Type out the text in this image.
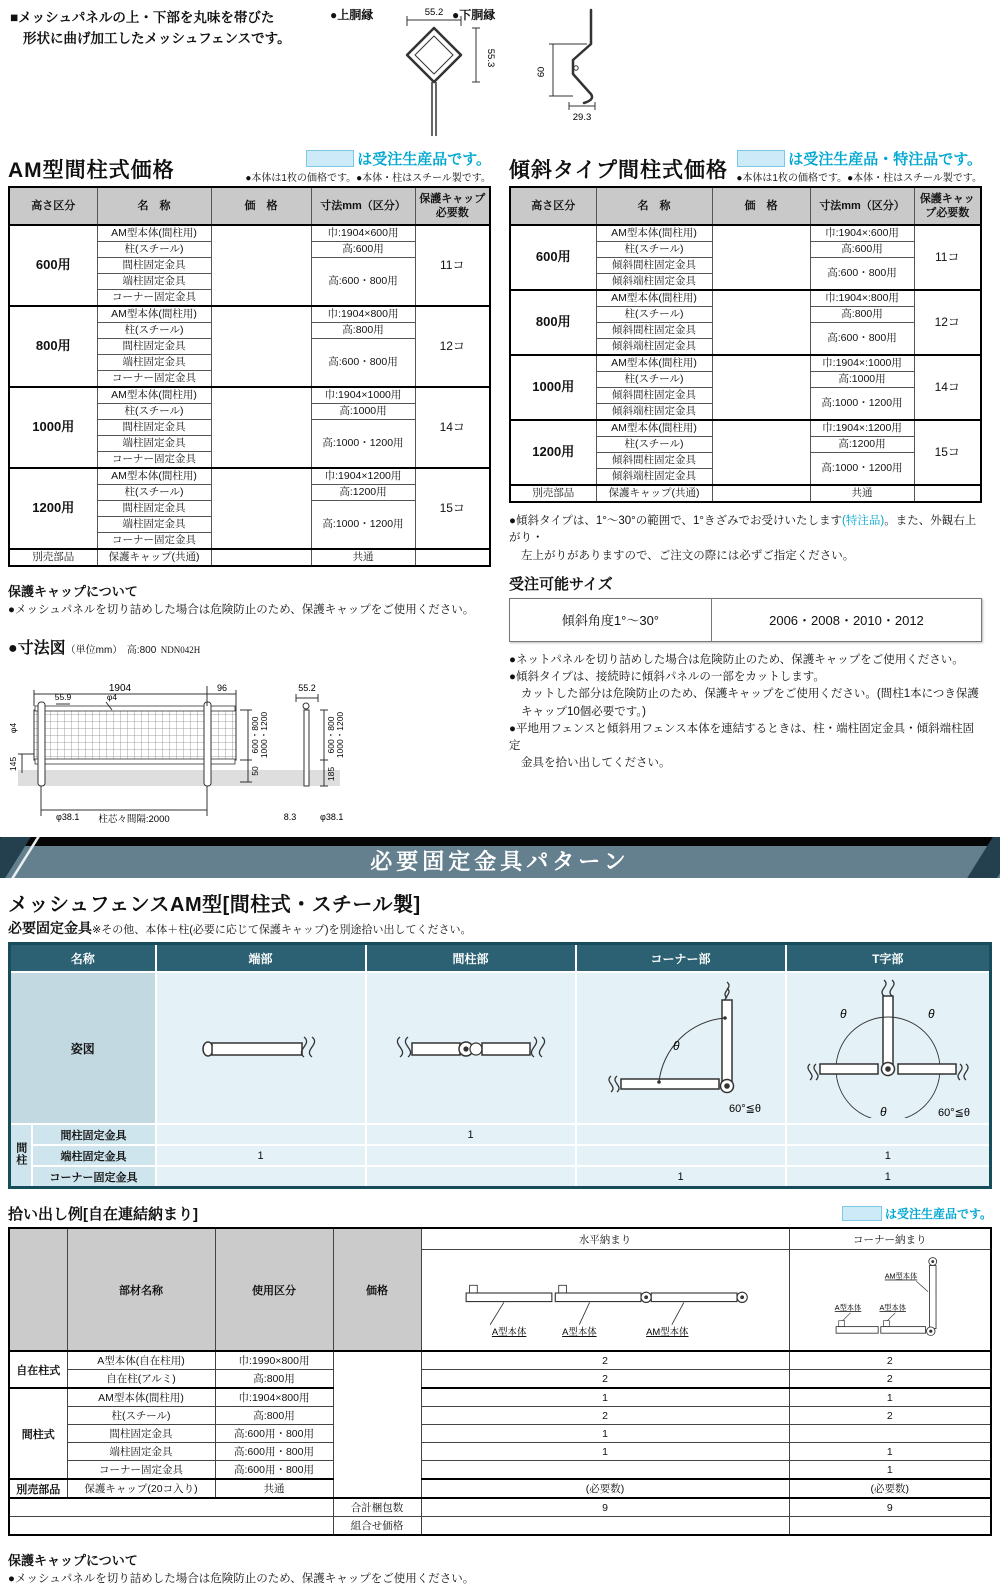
■メッシュパネルの上・下部を丸味を帯びた
形状に曲げ加工したメッシュフェンスです。
●上胴縁	55.2
55.3
●下胴縁
60
29.3
AM型間柱式価格	は受注生産品です。
●本体は1枚の価格です。●本体・柱はスチール製です。
高さ区分	名　称	価　格	寸法mm（区分）	保護キャップ必要数
600用	AM型本体(間柱用)		巾:1904×600用	11コ
	柱(スチール)		高:600用	
	間柱固定金具		高:600・800用	
	端柱固定金具			
	コーナー固定金具			
800用	AM型本体(間柱用)		巾:1904×800用	12コ
	柱(スチール)		高:800用	
	間柱固定金具		高:600・800用	
	端柱固定金具			
	コーナー固定金具			
1000用	AM型本体(間柱用)		巾:1904×1000用	14コ
	柱(スチール)		高:1000用	
	間柱固定金具		高:1000・1200用	
	端柱固定金具			
	コーナー固定金具			
1200用	AM型本体(間柱用)		巾:1904×1200用	15コ
	柱(スチール)		高:1200用	
	間柱固定金具		高:1000・1200用	
	端柱固定金具			
	コーナー固定金具			
別売部品	保護キャップ(共通)		共通	
保護キャップについて
●メッシュパネルを切り詰めした場合は危険防止のため、保護キャップをご使用ください。
●寸法図（単位mm） 高:800 NDN042H
1904	96
55.9	φ4
φ4
145
600・800 1000・1200
50
φ38.1 柱芯々間隔:2000
55.2
600・800 1000・1200
185
8.3	φ38.1
傾斜タイプ間柱式価格	は受注生産品・特注品です。
●本体は1枚の価格です。●本体・柱はスチール製です。
高さ区分	名　称	価　格	寸法mm（区分）	保護キャップ必要数
600用	AM型本体(間柱用)		巾:1904×:600用	11コ
	柱(スチール)		高:600用	
	傾斜間柱固定金具		高:600・800用	
	傾斜端柱固定金具			
800用	AM型本体(間柱用)		巾:1904×:800用	12コ
	柱(スチール)		高:800用	
	傾斜間柱固定金具		高:600・800用	
	傾斜端柱固定金具			
1000用	AM型本体(間柱用)		巾:1904×:1000用	14コ
	柱(スチール)		高:1000用	
	傾斜間柱固定金具		高:1000・1200用	
	傾斜端柱固定金具			
1200用	AM型本体(間柱用)		巾:1904×:1200用	15コ
	柱(スチール)		高:1200用	
	傾斜間柱固定金具		高:1000・1200用	
	傾斜端柱固定金具			
別売部品	保護キャップ(共通)		共通	
●傾斜タイプは、1°〜30°の範囲で、1°きざみでお受けいたします(特注品)。また、外観右上がり・
左上がりがありますので、ご注文の際には必ずご指定ください。
受注可能サイズ
傾斜角度1°〜30°	2006・2008・2010・2012
●ネットパネルを切り詰めした場合は危険防止のため、保護キャップをご使用ください。
●傾斜タイプは、接続時に傾斜パネルの一部をカットします。
カットした部分は危険防止のため、保護キャップをご使用ください。(間柱1本につき保護
キャップ10個必要です。)
●平地用フェンスと傾斜用フェンス本体を連結するときは、柱・端柱固定金具・傾斜端柱固定
金具を拾い出してください。
必要固定金具パターン
メッシュフェンスAM型[間柱式・スチール製]
必要固定金具※その他、本体＋柱(必要に応じて保護キャップ)を別途拾い出してください。
名称		端部	間柱部	コーナー部	T字部
姿図				θ
60°≦θ	θ θ
θ 60°≦θ

間柱	間柱固定金具		1		
	端柱固定金具	1			1
	コーナー固定金具			1	1
拾い出し例[自在連結納まり]	は受注生産品です。
	部材名称	使用区分	価格	水平納まり	コーナー納まり

A型本体 A型本体 AM型本体	AM型本体
A型本体 A型本体

自在柱式	A型本体(自在柱用)	巾:1990×800用		2	2
	自在柱(アルミ)	高:800用		2	2
間柱式	AM型本体(間柱用)	巾:1904×800用		1	1
	柱(スチール)	高:800用		2	2
	間柱固定金具	高:600用・800用		1	
	端柱固定金具	高:600用・800用		1	1
	コーナー固定金具	高:600用・800用			1
別売部品	保護キャップ(20コ入り)	共通		(必要数)	(必要数)
			合計梱包数	9	9
			組合せ価格		
保護キャップについて
●メッシュパネルを切り詰めした場合は危険防止のため、保護キャップをご使用ください。
